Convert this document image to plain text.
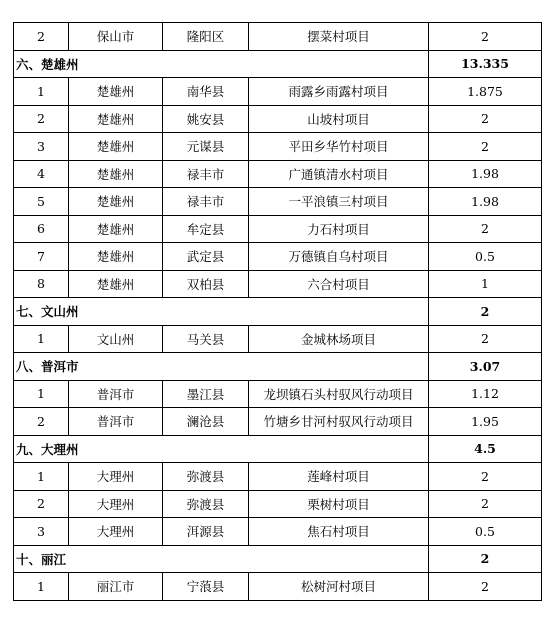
2	保山市	隆阳区	摆菜村项目	2
六、楚雄州				13.335
1	楚雄州	南华县	雨露乡雨露村项目	1.875
2	楚雄州	姚安县	山坡村项目	2
3	楚雄州	元谋县	平田乡华竹村项目	2
4	楚雄州	禄丰市	广通镇清水村项目	1.98
5	楚雄州	禄丰市	一平浪镇三村项目	1.98
6	楚雄州	牟定县	力石村项目	2
7	楚雄州	武定县	万德镇自乌村项目	0.5
8	楚雄州	双柏县	六合村项目	1
七、文山州				2
1	文山州	马关县	金城林场项目	2
八、普洱市				3.07
1	普洱市	墨江县	龙坝镇石头村驭风行动项目	1.12
2	普洱市	澜沧县	竹塘乡甘河村驭风行动项目	1.95
九、大理州				4.5
1	大理州	弥渡县	莲峰村项目	2
2	大理州	弥渡县	栗树村项目	2
3	大理州	洱源县	焦石村项目	0.5
十、丽江				2
1	丽江市	宁蒗县	松树河村项目	2
